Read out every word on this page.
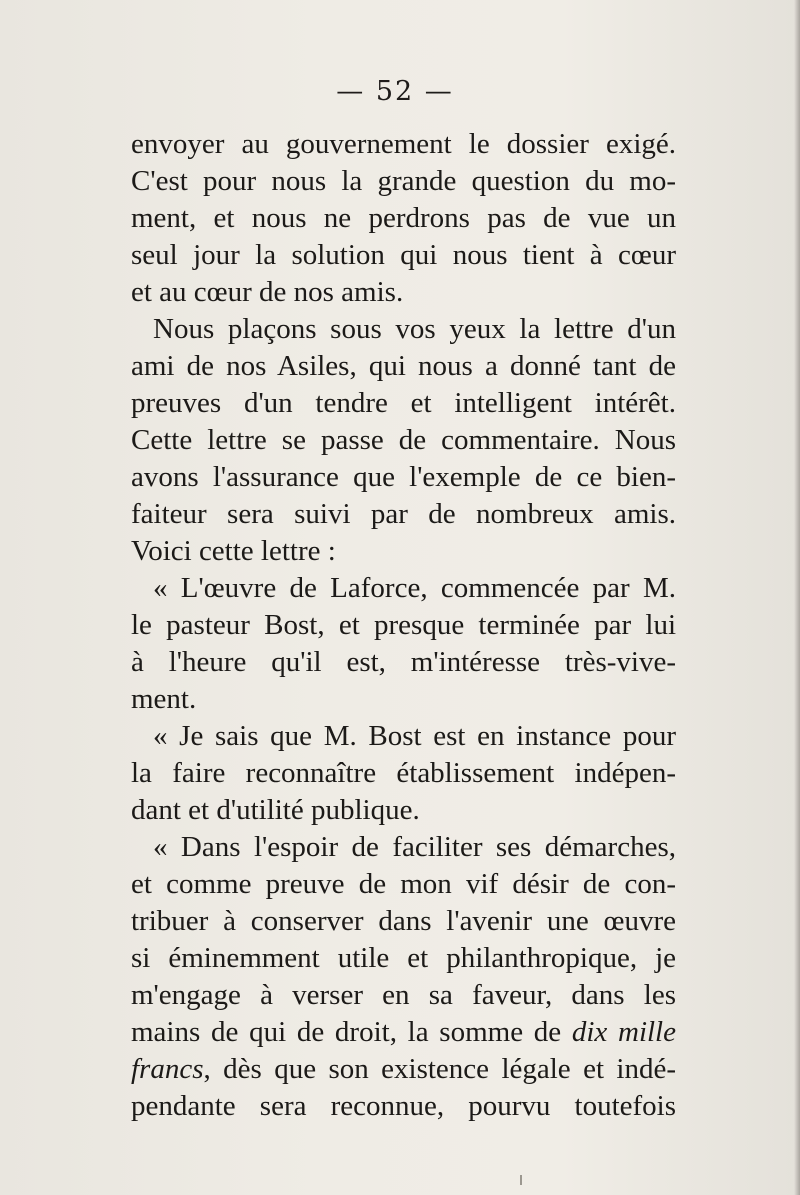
— 52 —
envoyer au gouvernement le dossier exigé.
C'est pour nous la grande question du mo-
ment, et nous ne perdrons pas de vue un
seul jour la solution qui nous tient à cœur
et au cœur de nos amis.
Nous plaçons sous vos yeux la lettre d'un
ami de nos Asiles, qui nous a donné tant de
preuves d'un tendre et intelligent intérêt.
Cette lettre se passe de commentaire. Nous
avons l'assurance que l'exemple de ce bien-
faiteur sera suivi par de nombreux amis.
Voici cette lettre :
« L'œuvre de Laforce, commencée par M.
le pasteur Bost, et presque terminée par lui
à l'heure qu'il est, m'intéresse très-vive-
ment.
« Je sais que M. Bost est en instance pour
la faire reconnaître établissement indépen-
dant et d'utilité publique.
« Dans l'espoir de faciliter ses démarches,
et comme preuve de mon vif désir de con-
tribuer à conserver dans l'avenir une œuvre
si éminemment utile et philanthropique, je
m'engage à verser en sa faveur, dans les
mains de qui de droit, la somme de dix mille
francs, dès que son existence légale et indé-
pendante sera reconnue, pourvu toutefois
